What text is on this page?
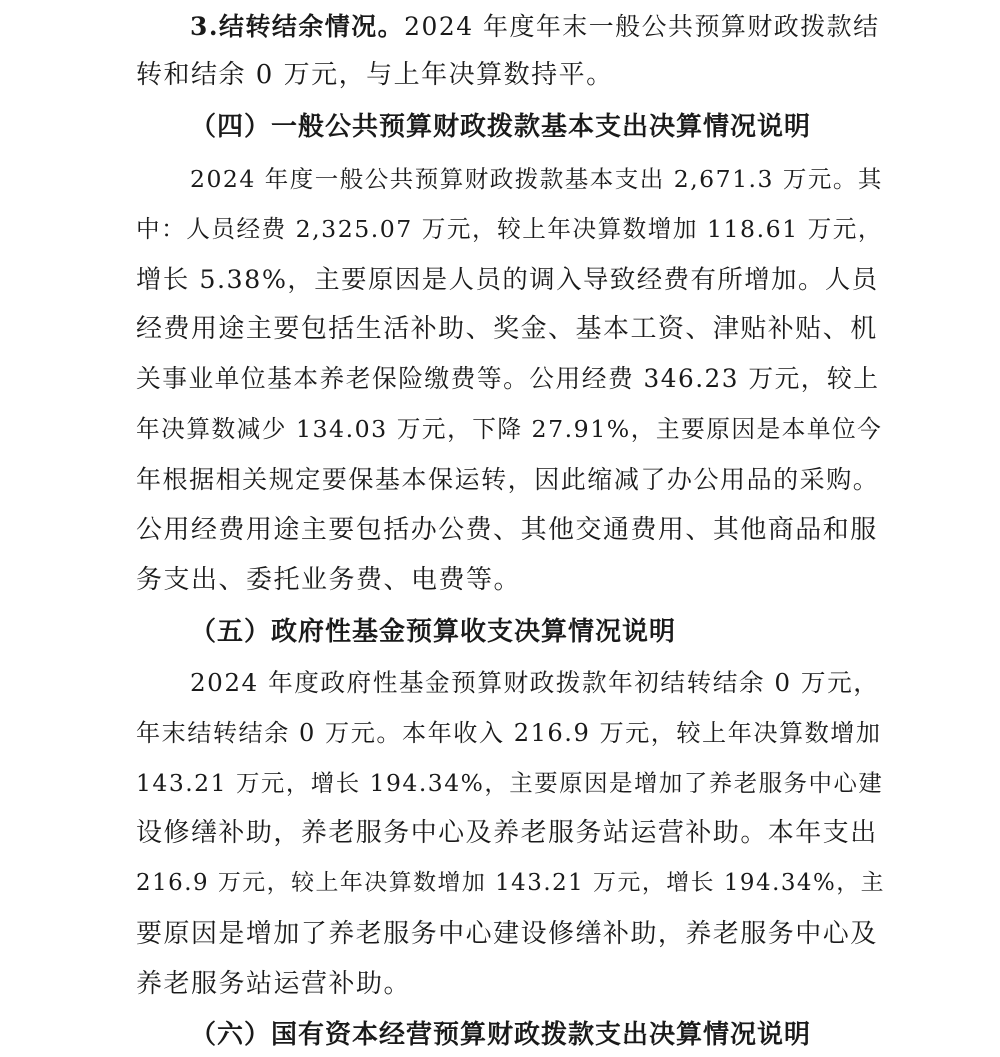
3.结转结余情况。2024 年度年末一般公共预算财政拨款结
转和结余 0 万元，与上年决算数持平。
（四）一般公共预算财政拨款基本支出决算情况说明
2024 年度一般公共预算财政拨款基本支出 2,671.3 万元。其
中：人员经费 2,325.07 万元，较上年决算数增加 118.61 万元，
增长 5.38%，主要原因是人员的调入导致经费有所增加。人员
经费用途主要包括生活补助、奖金、基本工资、津贴补贴、机
关事业单位基本养老保险缴费等。公用经费 346.23 万元，较上
年决算数减少 134.03 万元，下降 27.91%，主要原因是本单位今
年根据相关规定要保基本保运转，因此缩减了办公用品的采购。
公用经费用途主要包括办公费、其他交通费用、其他商品和服
务支出、委托业务费、电费等。
（五）政府性基金预算收支决算情况说明
2024 年度政府性基金预算财政拨款年初结转结余 0 万元，
年末结转结余 0 万元。本年收入 216.9 万元，较上年决算数增加
143.21 万元，增长 194.34%，主要原因是增加了养老服务中心建
设修缮补助，养老服务中心及养老服务站运营补助。本年支出
216.9 万元，较上年决算数增加 143.21 万元，增长 194.34%，主
要原因是增加了养老服务中心建设修缮补助，养老服务中心及
养老服务站运营补助。
（六）国有资本经营预算财政拨款支出决算情况说明
